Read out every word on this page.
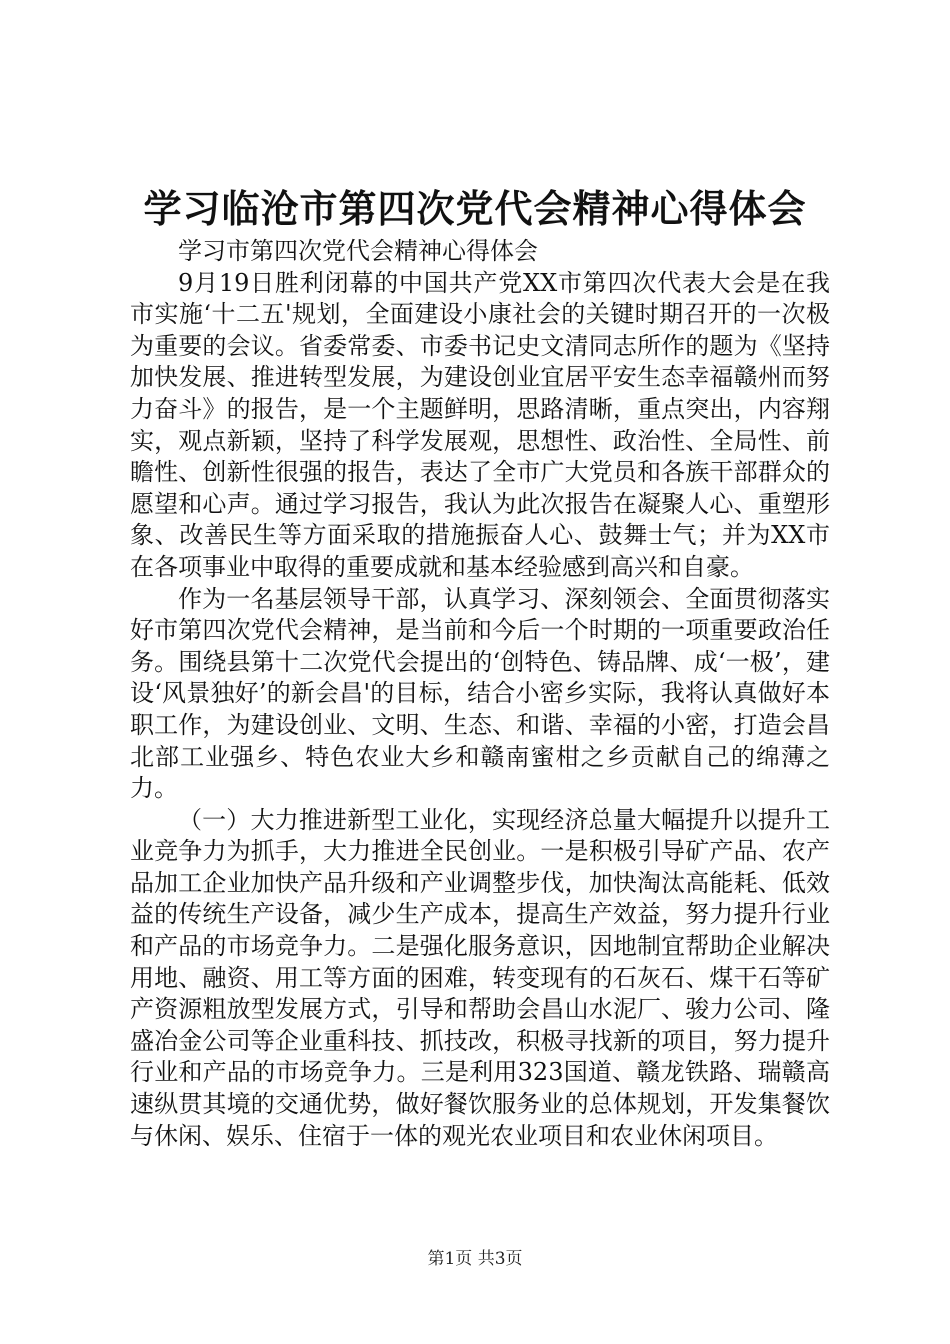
学习临沧市第四次党代会精神心得体会

学习市第四次党代会精神心得体会

9月19日胜利闭幕的中国共产党XX市第四次代表大会是在我市实施‘十二五'规划，全面建设小康社会的关键时期召开的一次极为重要的会议。省委常委、市委书记史文清同志所作的题为《坚持加快发展、推进转型发展，为建设创业宜居平安生态幸福赣州而努力奋斗》的报告，是一个主题鲜明，思路清晰，重点突出，内容翔实，观点新颖，坚持了科学发展观，思想性、政治性、全局性、前瞻性、创新性很强的报告，表达了全市广大党员和各族干部群众的愿望和心声。通过学习报告，我认为此次报告在凝聚人心、重塑形象、改善民生等方面采取的措施振奋人心、鼓舞士气；并为XX市在各项事业中取得的重要成就和基本经验感到高兴和自豪。

作为一名基层领导干部，认真学习、深刻领会、全面贯彻落实好市第四次党代会精神，是当前和今后一个时期的一项重要政治任务。围绕县第十二次党代会提出的‘创特色、铸品牌、成‘一极’，建设‘风景独好’的新会昌'的目标，结合小密乡实际，我将认真做好本职工作，为建设创业、文明、生态、和谐、幸福的小密，打造会昌北部工业强乡、特色农业大乡和赣南蜜柑之乡贡献自己的绵薄之力。

（一）大力推进新型工业化，实现经济总量大幅提升以提升工业竞争力为抓手，大力推进全民创业。一是积极引导矿产品、农产品加工企业加快产品升级和产业调整步伐，加快淘汰高能耗、低效益的传统生产设备，减少生产成本，提高生产效益，努力提升行业和产品的市场竞争力。二是强化服务意识，因地制宜帮助企业解决用地、融资、用工等方面的困难，转变现有的石灰石、煤干石等矿产资源粗放型发展方式，引导和帮助会昌山水泥厂、骏力公司、隆盛冶金公司等企业重科技、抓技改，积极寻找新的项目，努力提升行业和产品的市场竞争力。三是利用323国道、赣龙铁路、瑞赣高速纵贯其境的交通优势，做好餐饮服务业的总体规划，开发集餐饮与休闲、娱乐、住宿于一体的观光农业项目和农业休闲项目。

第1页 共3页
